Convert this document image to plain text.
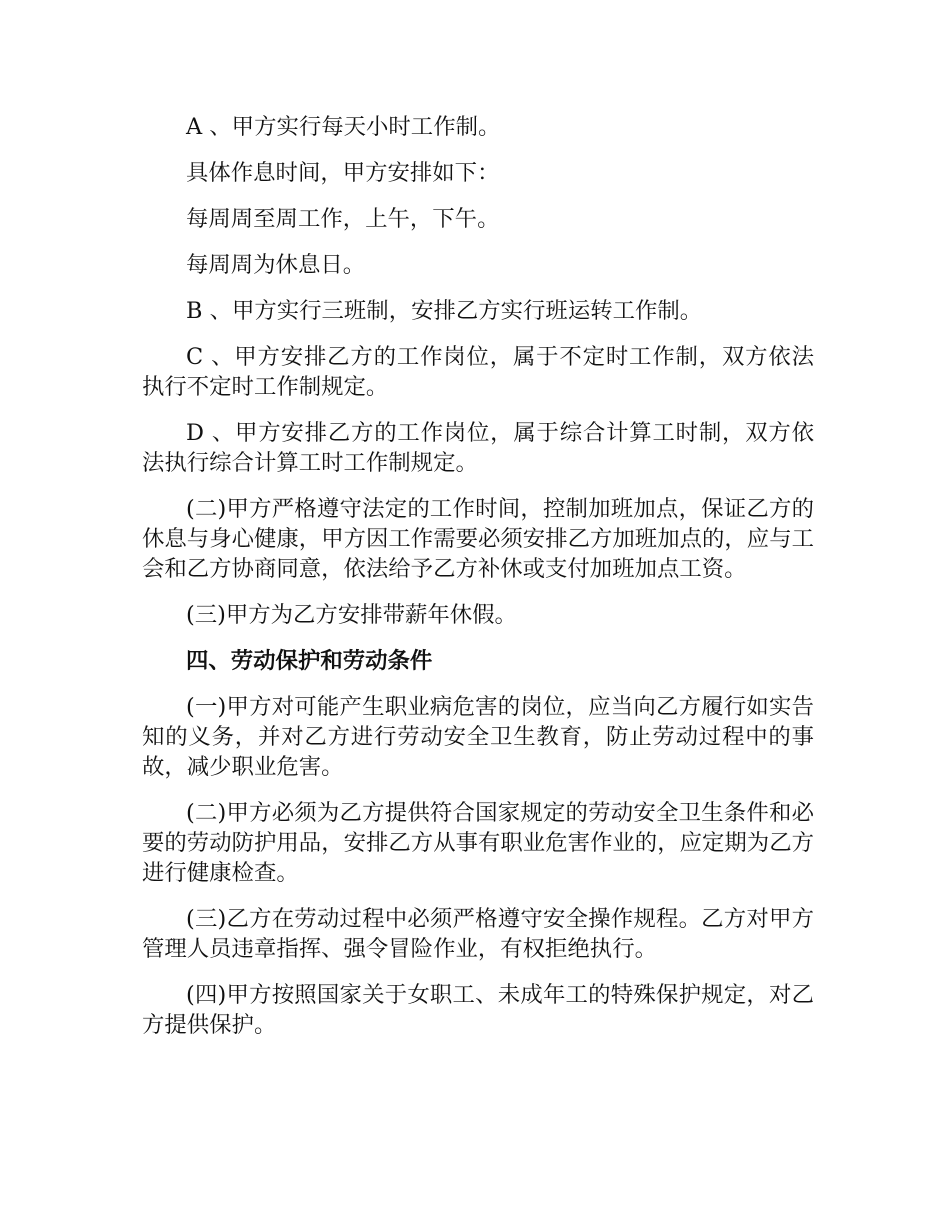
A 、甲方实行每天小时工作制。

具体作息时间，甲方安排如下：

每周周至周工作，上午，下午。

每周周为休息日。

B 、甲方实行三班制，安排乙方实行班运转工作制。

C 、甲方安排乙方的工作岗位，属于不定时工作制，双方依法执行不定时工作制规定。

D 、甲方安排乙方的工作岗位，属于综合计算工时制，双方依法执行综合计算工时工作制规定。

(二)甲方严格遵守法定的工作时间，控制加班加点，保证乙方的休息与身心健康，甲方因工作需要必须安排乙方加班加点的，应与工会和乙方协商同意，依法给予乙方补休或支付加班加点工资。

(三)甲方为乙方安排带薪年休假。

四、劳动保护和劳动条件

(一)甲方对可能产生职业病危害的岗位，应当向乙方履行如实告知的义务，并对乙方进行劳动安全卫生教育，防止劳动过程中的事故，减少职业危害。

(二)甲方必须为乙方提供符合国家规定的劳动安全卫生条件和必要的劳动防护用品，安排乙方从事有职业危害作业的，应定期为乙方进行健康检查。

(三)乙方在劳动过程中必须严格遵守安全操作规程。乙方对甲方管理人员违章指挥、强令冒险作业，有权拒绝执行。

(四)甲方按照国家关于女职工、未成年工的特殊保护规定，对乙方提供保护。
